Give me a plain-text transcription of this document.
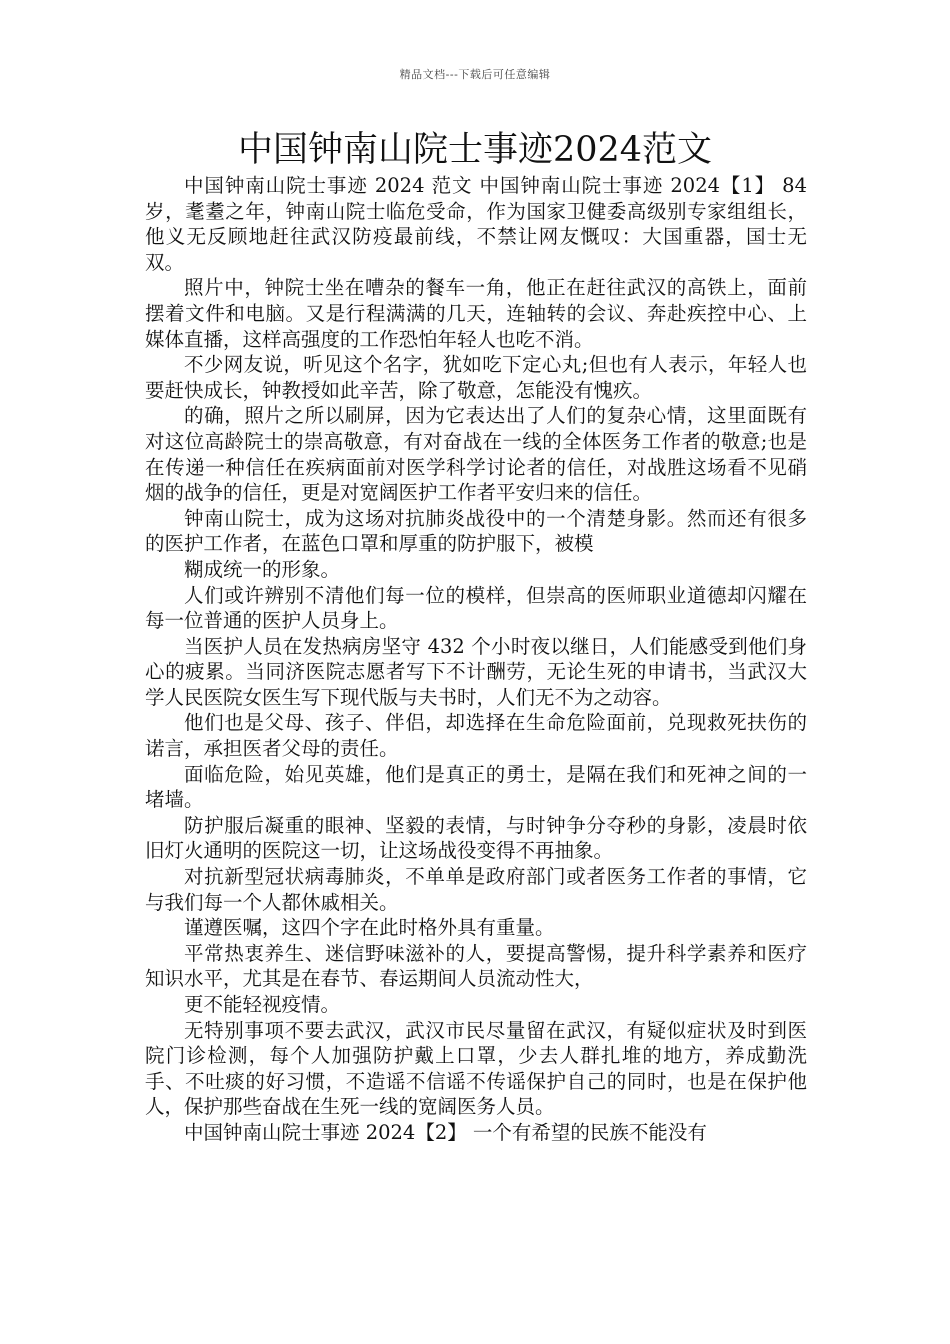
精品文档---下载后可任意编辑
中国钟南山院士事迹2024范文

中国钟南山院士事迹 2024 范文 中国钟南山院士事迹 2024【1】 84 岁，耄耋之年，钟南山院士临危受命，作为国家卫健委高级别专家组组长，他义无反顾地赶往武汉防疫最前线，不禁让网友慨叹：大国重器，国士无双。

照片中，钟院士坐在嘈杂的餐车一角，他正在赶往武汉的高铁上，面前摆着文件和电脑。又是行程满满的几天，连轴转的会议、奔赴疾控中心、上媒体直播，这样高强度的工作恐怕年轻人也吃不消。

不少网友说，听见这个名字，犹如吃下定心丸;但也有人表示，年轻人也要赶快成长，钟教授如此辛苦，除了敬意，怎能没有愧疚。

的确，照片之所以刷屏，因为它表达出了人们的复杂心情，这里面既有对这位高龄院士的崇高敬意，有对奋战在一线的全体医务工作者的敬意;也是在传递一种信任在疾病面前对医学科学讨论者的信任，对战胜这场看不见硝烟的战争的信任，更是对宽阔医护工作者平安归来的信任。

钟南山院士，成为这场对抗肺炎战役中的一个清楚身影。然而还有很多的医护工作者，在蓝色口罩和厚重的防护服下，被模

糊成统一的形象。

人们或许辨别不清他们每一位的模样，但崇高的医师职业道德却闪耀在每一位普通的医护人员身上。

当医护人员在发热病房坚守 432 个小时夜以继日，人们能感受到他们身心的疲累。当同济医院志愿者写下不计酬劳，无论生死的申请书，当武汉大学人民医院女医生写下现代版与夫书时，人们无不为之动容。

他们也是父母、孩子、伴侣，却选择在生命危险面前，兑现救死扶伤的诺言，承担医者父母的责任。

面临危险，始见英雄，他们是真正的勇士，是隔在我们和死神之间的一堵墙。

防护服后凝重的眼神、坚毅的表情，与时钟争分夺秒的身影，凌晨时依旧灯火通明的医院这一切，让这场战役变得不再抽象。

对抗新型冠状病毒肺炎，不单单是政府部门或者医务工作者的事情，它与我们每一个人都休戚相关。

谨遵医嘱，这四个字在此时格外具有重量。

平常热衷养生、迷信野味滋补的人，要提高警惕，提升科学素养和医疗知识水平，尤其是在春节、春运期间人员流动性大，

更不能轻视疫情。

无特别事项不要去武汉，武汉市民尽量留在武汉，有疑似症状及时到医院门诊检测，每个人加强防护戴上口罩，少去人群扎堆的地方，养成勤洗手、不吐痰的好习惯，不造谣不信谣不传谣保护自己的同时，也是在保护他人，保护那些奋战在生死一线的宽阔医务人员。

中国钟南山院士事迹 2024【2】 一个有希望的民族不能没有
